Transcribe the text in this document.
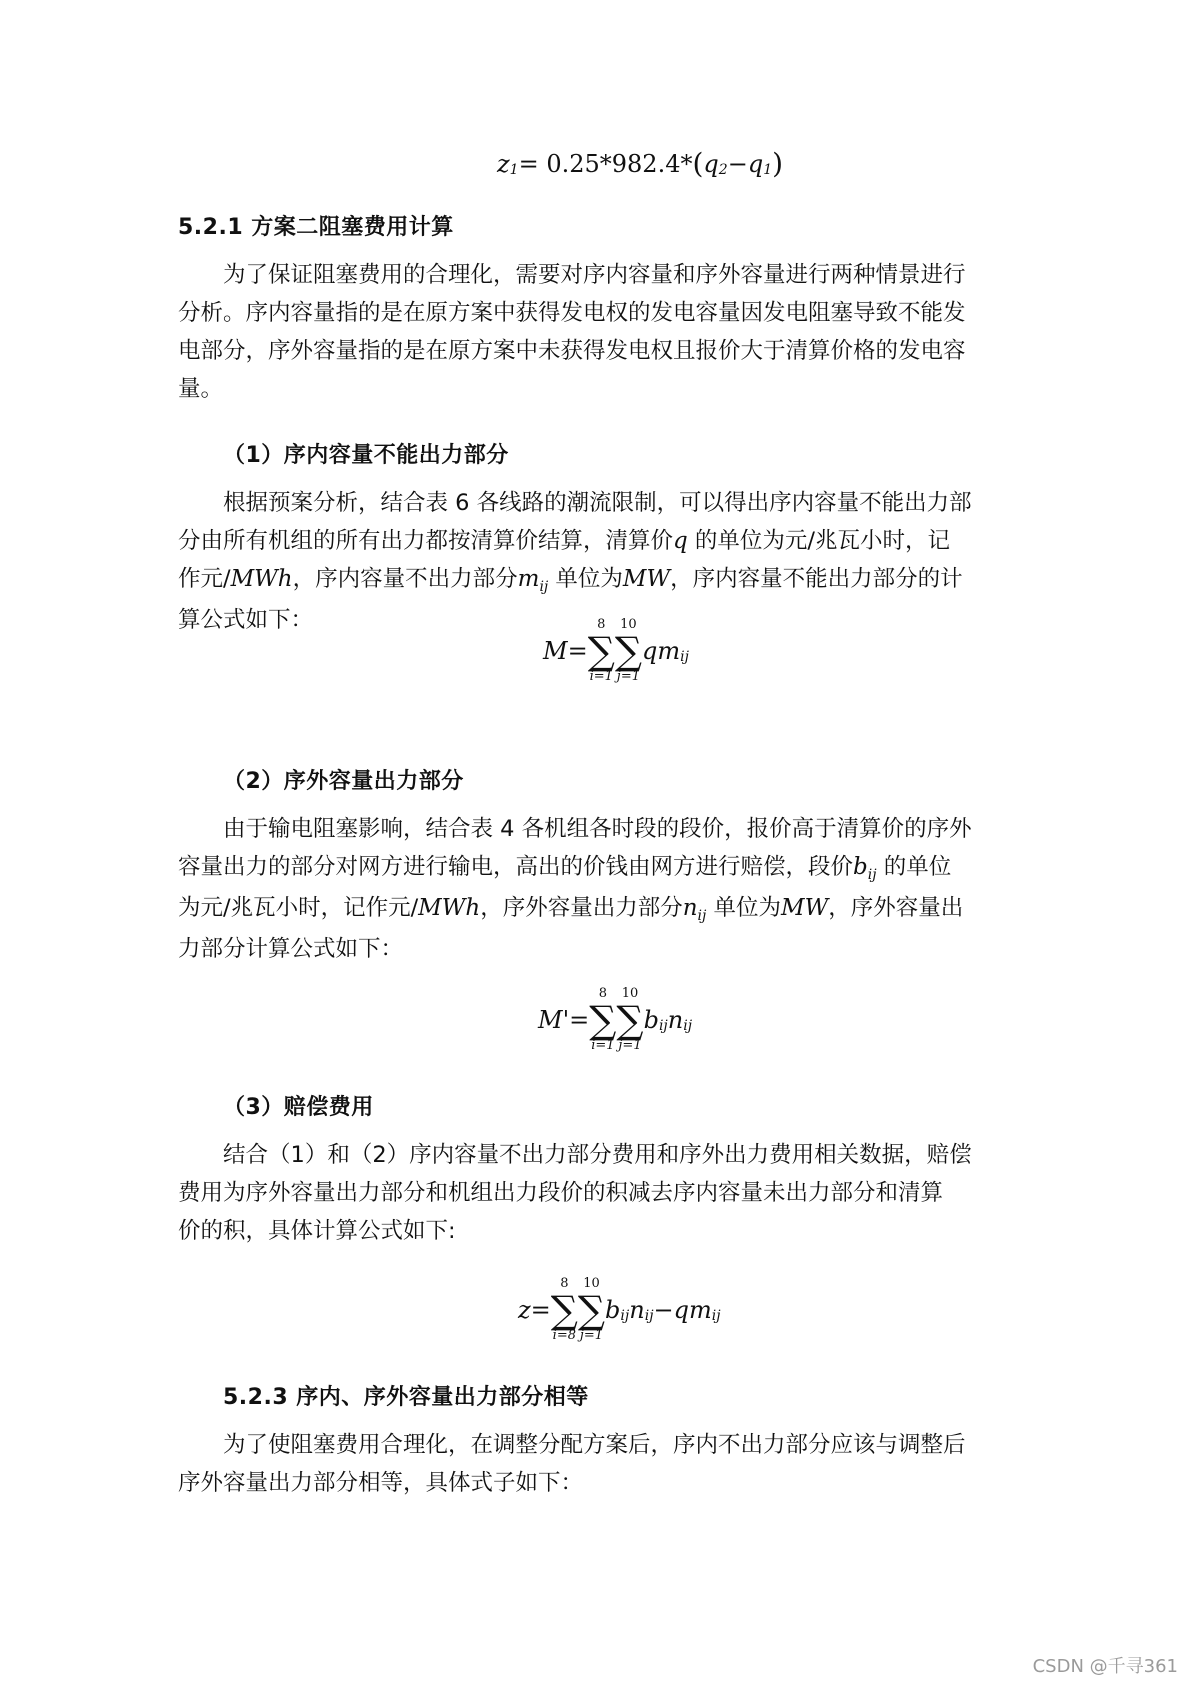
z 1 = 0.25*982.4* ( q 2 − q 1 )
5.2.1 方案二阻塞费用计算
为了保证阻塞费用的合理化，需要对序内容量和序外容量进行两种情景进行
分析。序内容量指的是在原方案中获得发电权的发电容量因发电阻塞导致不能发
电部分，序外容量指的是在原方案中未获得发电权且报价大于清算价格的发电容
量。
（1）序内容量不能出力部分
根据预案分析，结合表 6 各线路的潮流限制，可以得出序内容量不能出力部
分由所有机组的所有出力都按清算价结算，清算价q 的单位为元/兆瓦小时，记
作元/MWh，序内容量不出力部分$m_{ij}$ 单位为MW，序内容量不能出力部分的计
算公式如下：
M =
8
∑
i=1
10
∑
j=1
qm ij
（2）序外容量出力部分
由于输电阻塞影响，结合表 4 各机组各时段的段价，报价高于清算价的序外
容量出力的部分对网方进行输电，高出的价钱由网方进行赔偿，段价$b_{ij}$ 的单位
为元/兆瓦小时，记作元/MWh，序外容量出力部分$n_{ij}$ 单位为MW，序外容量出
力部分计算公式如下：
M' =
8
∑
i=1
10
∑
j=1
b ij n ij
（3）赔偿费用
结合（1）和（2）序内容量不出力部分费用和序外出力费用相关数据，赔偿
费用为序外容量出力部分和机组出力段价的积减去序内容量未出力部分和清算
价的积，具体计算公式如下:
z =
8
∑
i=8
10
∑
j=1
b ij n ij − qm ij
5.2.3 序内、序外容量出力部分相等
为了使阻塞费用合理化，在调整分配方案后，序内不出力部分应该与调整后
序外容量出力部分相等，具体式子如下：
CSDN @千寻361
